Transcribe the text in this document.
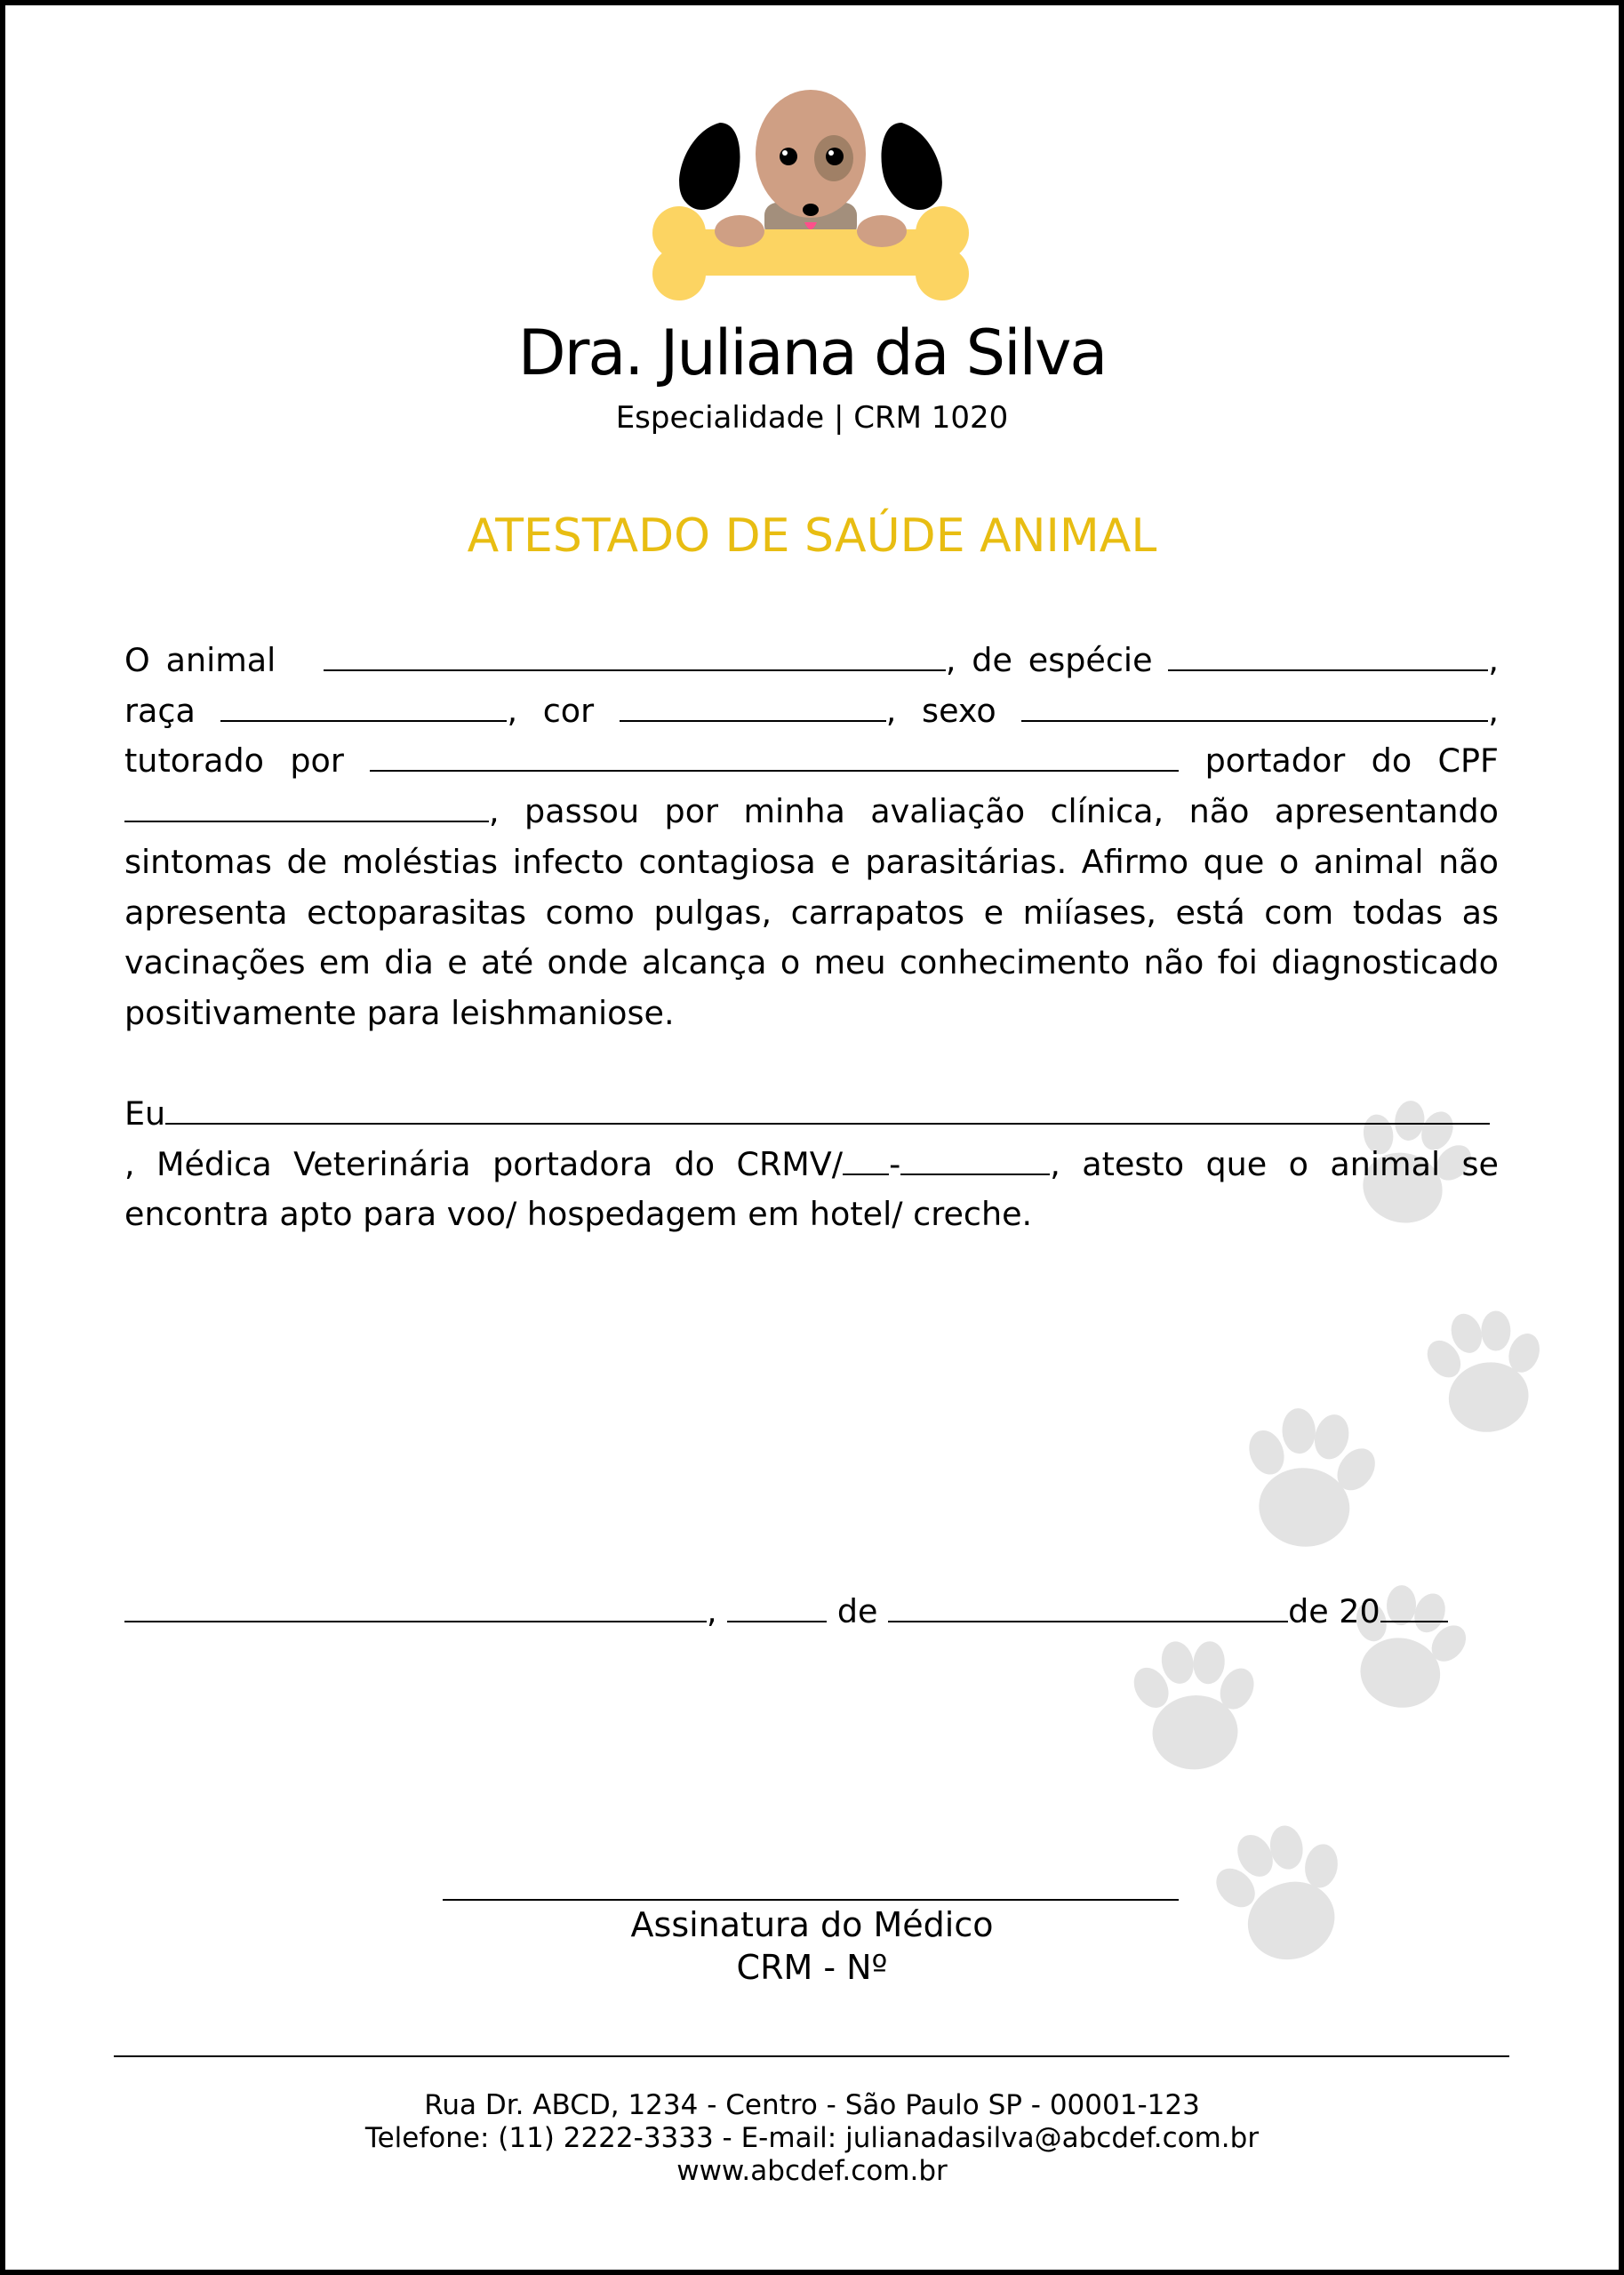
Dra. Juliana da Silva
Especialidade | CRM 1020
ATESTADO DE SAÚDE ANIMAL
O animal	, de espécie	, raça	, cor	, sexo	, tutorado por	portador do CPF , passou por minha avaliação clínica, não apresentando sintomas de moléstias infecto contagiosa e parasitárias. Afirmo que o animal não apresenta ectoparasitas como pulgas, carrapatos e miíases, está com todas as vacinações em dia e até onde alcança o meu conhecimento não foi diagnosticado positivamente para leishmaniose.
Eu, Médica Veterinária portadora do CRMV/ -	, atesto que o animal se encontra apto para voo/ hospedagem em hotel/ creche.
,	de	de 20
Assinatura do Médico
CRM - Nº
Rua Dr. ABCD, 1234 - Centro - São Paulo SP - 00001-123
Telefone: (11) 2222-3333 - E-mail: julianadasilva@abcdef.com.br
www.abcdef.com.br
